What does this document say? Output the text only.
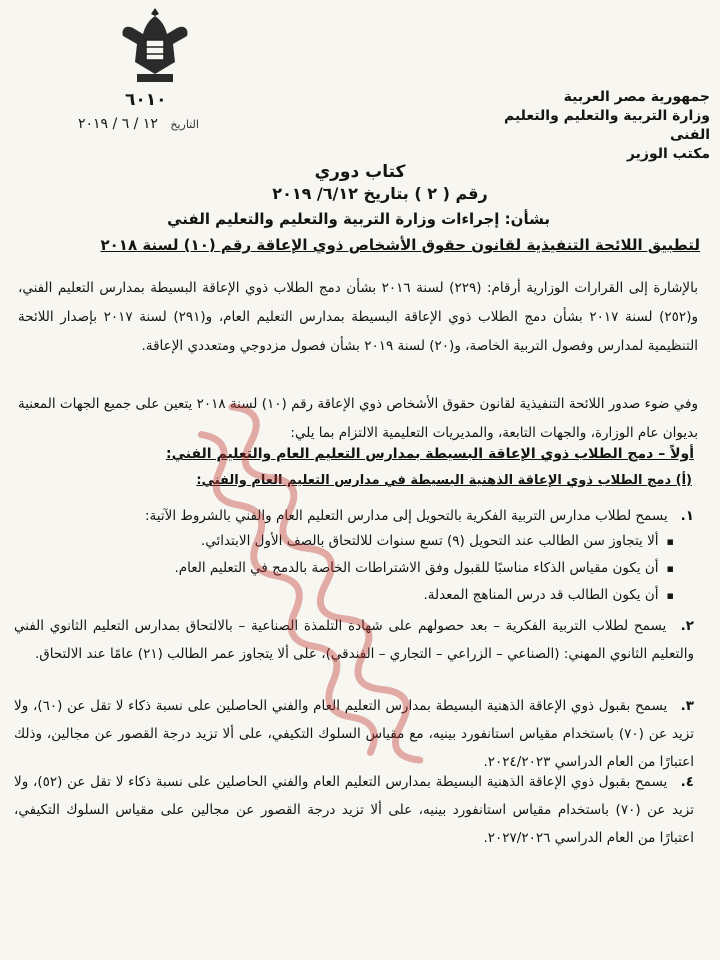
جمهورية مصر العربية
وزارة التربية والتعليم والتعليم الفنى
مكتب الوزير
٦٠١٠
التاريخ ١٢ / ٦ / ٢٠١٩
كتاب دوري
رقم ( ٢ ) بتاريخ ٦/١٢/ ٢٠١٩
بشأن: إجراءات وزارة التربية والتعليم والتعليم الفني
لتطبيق اللائحة التنفيذية لقانون حقوق الأشخاص ذوي الإعاقة رقم (١٠) لسنة ٢٠١٨
بالإشارة إلى القرارات الوزارية أرقام: (٢٢٩) لسنة ٢٠١٦ بشأن دمج الطلاب ذوي الإعاقة البسيطة بمدارس التعليم الفني، و(٢٥٢) لسنة ٢٠١٧ بشأن دمج الطلاب ذوي الإعاقة البسيطة بمدارس التعليم العام، و(٢٩١) لسنة ٢٠١٧ بإصدار اللائحة التنظيمية لمدارس وفصول التربية الخاصة، و(٢٠) لسنة ٢٠١٩ بشأن فصول مزدوجي ومتعددي الإعاقة.
وفي ضوء صدور اللائحة التنفيذية لقانون حقوق الأشخاص ذوي الإعاقة رقم (١٠) لسنة ٢٠١٨ يتعين على جميع الجهات المعنية بديوان عام الوزارة، والجهات التابعة، والمديريات التعليمية الالتزام بما يلي:
أولاً – دمج الطلاب ذوي الإعاقة البسيطة بمدارس التعليم العام والتعليم الفني:
(أ) دمج الطلاب ذوي الإعاقة الذهنية البسيطة في مدارس التعليم العام والفني:
١. يسمح لطلاب مدارس التربية الفكرية بالتحويل إلى مدارس التعليم العام والفني بالشروط الآتية:
▪ ألا يتجاوز سن الطالب عند التحويل (٩) تسع سنوات للالتحاق بالصف الأول الابتدائي.
▪ أن يكون مقياس الذكاء مناسبًا للقبول وفق الاشتراطات الخاصة بالدمج في التعليم العام.
▪ أن يكون الطالب قد درس المناهج المعدلة.
٢. يسمح لطلاب التربية الفكرية – بعد حصولهم على شهادة التلمذة الصناعية – بالالتحاق بمدارس التعليم الثانوي الفني والتعليم الثانوي المهني: (الصناعي – الزراعي – التجاري – الفندقي)، على ألا يتجاوز عمر الطالب (٢١) عامًا عند الالتحاق.
٣. يسمح بقبول ذوي الإعاقة الذهنية البسيطة بمدارس التعليم العام والفني الحاصلين على نسبة ذكاء لا تقل عن (٦٠)، ولا تزيد عن (٧٠) باستخدام مقياس استانفورد بينيه، مع مقياس السلوك التكيفي، على ألا تزيد درجة القصور عن مجالين، وذلك اعتبارًا من العام الدراسي ٢٠٢٤/٢٠٢٣.
٤. يسمح بقبول ذوي الإعاقة الذهنية البسيطة بمدارس التعليم العام والفني الحاصلين على نسبة ذكاء لا تقل عن (٥٢)، ولا تزيد عن (٧٠) باستخدام مقياس استانفورد بينيه، على ألا تزيد درجة القصور عن مجالين على مقياس السلوك التكيفي، اعتبارًا من العام الدراسي ٢٠٢٧/٢٠٢٦.
